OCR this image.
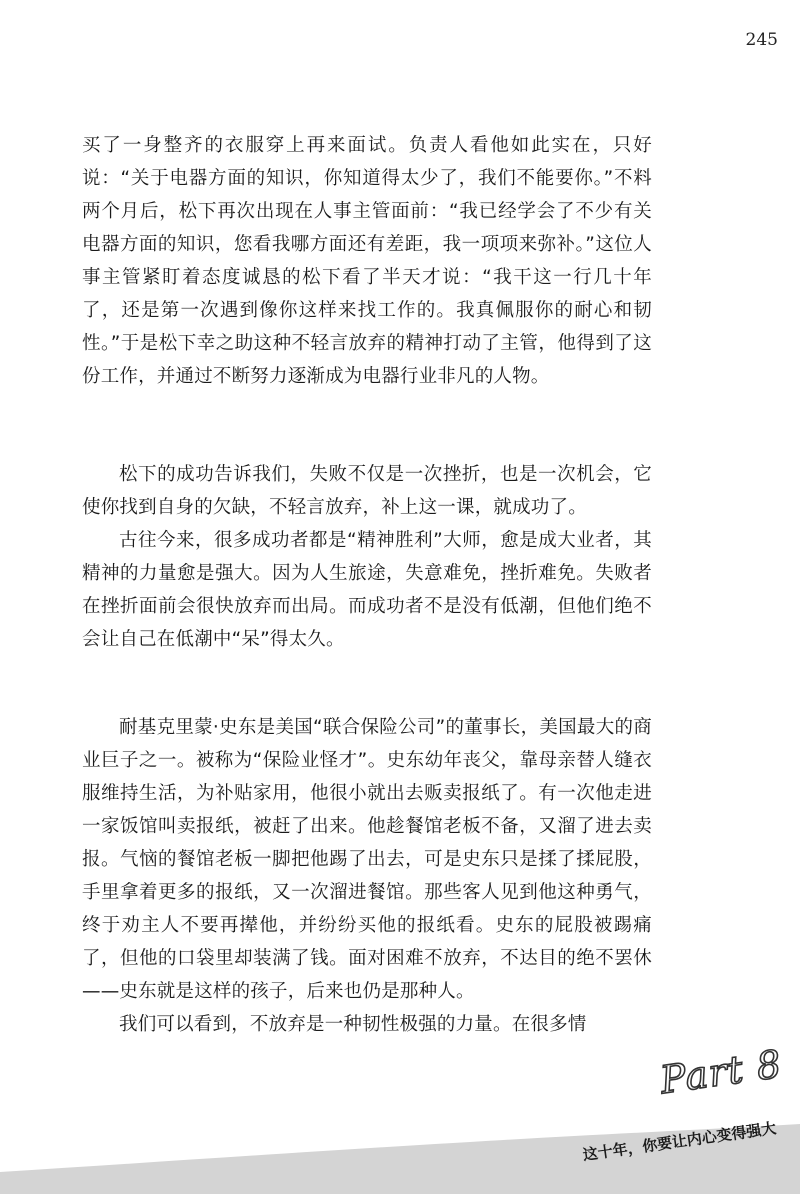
245

买了一身整齐的衣服穿上再来面试。负责人看他如此实在，只好说：“关于电器方面的知识，你知道得太少了，我们不能要你。”不料两个月后，松下再次出现在人事主管面前：“我已经学会了不少有关电器方面的知识，您看我哪方面还有差距，我一项项来弥补。”这位人事主管紧盯着态度诚恳的松下看了半天才说：“我干这一行几十年了，还是第一次遇到像你这样来找工作的。我真佩服你的耐心和韧性。”于是松下幸之助这种不轻言放弃的精神打动了主管，他得到了这份工作，并通过不断努力逐渐成为电器行业非凡的人物。

松下的成功告诉我们，失败不仅是一次挫折，也是一次机会，它使你找到自身的欠缺，不轻言放弃，补上这一课，就成功了。

古往今来，很多成功者都是“精神胜利”大师，愈是成大业者，其精神的力量愈是强大。因为人生旅途，失意难免，挫折难免。失败者在挫折面前会很快放弃而出局。而成功者不是没有低潮，但他们绝不会让自己在低潮中“呆”得太久。

耐基克里蒙·史东是美国“联合保险公司”的董事长，美国最大的商业巨子之一。被称为“保险业怪才”。史东幼年丧父，靠母亲替人缝衣服维持生活，为补贴家用，他很小就出去贩卖报纸了。有一次他走进一家饭馆叫卖报纸，被赶了出来。他趁餐馆老板不备，又溜了进去卖报。气恼的餐馆老板一脚把他踢了出去，可是史东只是揉了揉屁股，手里拿着更多的报纸，又一次溜进餐馆。那些客人见到他这种勇气，终于劝主人不要再撵他，并纷纷买他的报纸看。史东的屁股被踢痛了，但他的口袋里却装满了钱。面对困难不放弃，不达目的绝不罢休——史东就是这样的孩子，后来也仍是那种人。

我们可以看到，不放弃是一种韧性极强的力量。在很多情

Part 8
这十年，你要让内心变得强大
